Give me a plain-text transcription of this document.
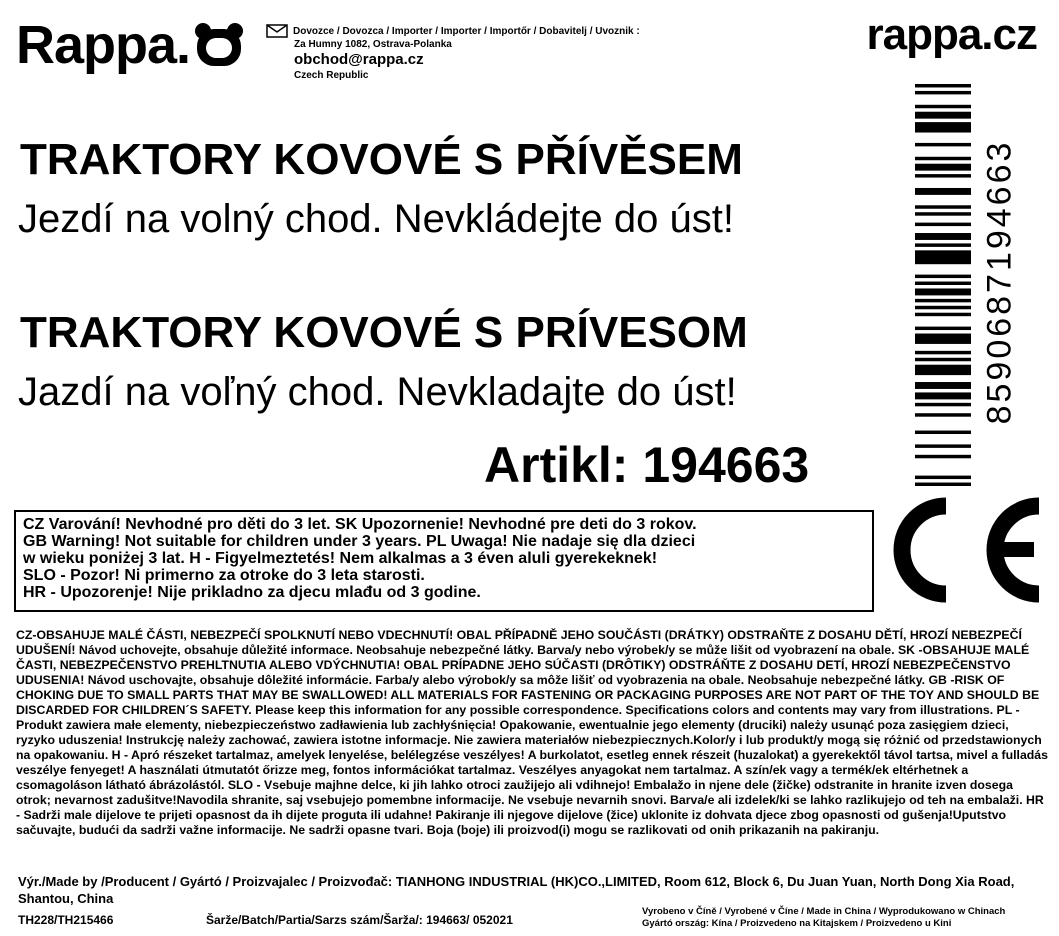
Rappa.	Dovozce / Dovozca / Importer / Importer / Importőr / Dobavitelj / Uvoznik :
Za Humny 1082, Ostrava-Polanka
obchod@rappa.cz
Czech Republic
rappa.cz
8590687194663
TRAKTORY KOVOVÉ S PŘÍVĚSEM
Jezdí na volný chod. Nevkládejte do úst!
TRAKTORY KOVOVÉ S PRÍVESOM
Jazdí na voľný chod. Nevkladajte do úst!
Artikl: 194663
CZ Varování! Nevhodné pro děti do 3 let. SK Upozornenie! Nevhodné pre deti do 3 rokov.
GB Warning! Not suitable for children under 3 years. PL Uwaga! Nie nadaje się dla dzieci
w wieku poniżej 3 lat. H - Figyelmeztetés! Nem alkalmas a 3 éven aluli gyerekeknek!
SLO - Pozor! Ni primerno za otroke do 3 leta starosti.
HR - Upozorenje! Nije prikladno za djecu mlađu od 3 godine.
CZ-OBSAHUJE MALÉ ČÁSTI, NEBEZPEČÍ SPOLKNUTÍ NEBO VDECHNUTÍ! OBAL PŘÍPADNĚ JEHO SOUČÁSTI (DRÁTKY) ODSTRAŇTE Z DOSAHU DĚTÍ, HROZÍ NEBEZPEČÍ UDUŠENÍ! Návod uchovejte, obsahuje důležité informace. Neobsahuje nebezpečné látky. Barva/y nebo výrobek/y se může lišit od vyobrazení na obale. SK -OBSAHUJE MALÉ ČASTI, NEBEZPEČENSTVO PREHLTNUTIA ALEBO VDÝCHNUTIA! OBAL PRÍPADNE JEHO SÚČASTI (DRÔTIKY) ODSTRÁŇTE Z DOSAHU DETÍ, HROZÍ NEBEZPEČENSTVO UDUSENIA! Návod uschovajte, obsahuje dôležité informácie. Farba/y alebo výrobok/y sa môže lišiť od vyobrazenia na obale. Neobsahuje nebezpečné látky. GB -RISK OF CHOKING DUE TO SMALL PARTS THAT MAY BE SWALLOWED! ALL MATERIALS FOR FASTENING OR PACKAGING PURPOSES ARE NOT PART OF THE TOY AND SHOULD BE DISCARDED FOR CHILDREN´S SAFETY. Please keep this information for any possible correspondence. Specifications colors and contents may vary from illustrations. PL - Produkt zawiera małe elementy, niebezpieczeństwo zadławienia lub zachłyśnięcia! Opakowanie, ewentualnie jego elementy (druciki) należy usunąć poza zasięgiem dzieci, ryzyko uduszenia! Instrukcję należy zachować, zawiera istotne informacje. Nie zawiera materiałów niebezpiecznych.Kolor/y i lub produkt/y mogą się różnić od przedstawionych na opakowaniu. H - Apró részeket tartalmaz, amelyek lenyelése, belélegzése veszélyes! A burkolatot, esetleg ennek részeit (huzalokat) a gyerekektől távol tartsa, mivel a fulladás veszélye fenyeget! A használati útmutatót őrizze meg, fontos információkat tartalmaz. Veszélyes anyagokat nem tartalmaz. A szín/ek vagy a termék/ek eltérhetnek a csomagoláson látható ábrázolástól. SLO - Vsebuje majhne delce, ki jih lahko otroci zaužijejo ali vdihnejo! Embalažo in njene dele (žičke) odstranite in hranite izven dosega otrok; nevarnost zadušitve!Navodila shranite, saj vsebujejo pomembne informacije. Ne vsebuje nevarnih snovi. Barva/e ali izdelek/ki se lahko razlikujejo od teh na embalaži. HR - Sadrži male dijelove te prijeti opasnost da ih dijete proguta ili udahne! Pakiranje ili njegove dijelove (žice) uklonite iz dohvata djece zbog opasnosti od gušenja!Uputstvo sačuvajte, budući da sadrži važne informacije. Ne sadrži opasne tvari. Boja (boje) ili proizvod(i) mogu se razlikovati od onih prikazanih na pakiranju.
Výr./Made by /Producent / Gyártó / Proizvajalec / Proizvođač: TIANHONG INDUSTRIAL (HK)CO.,LIMITED, Room 612, Block 6, Du Juan Yuan, North Dong Xia Road, Shantou, China
TH228/TH215466	Šarže/Batch/Partia/Sarzs szám/Šarža/: 194663/ 052021
Vyrobeno v Číně / Vyrobené v Číne / Made in China / Wyprodukowano w Chinach
Gyártó ország: Kína / Proizvedeno na Kitajskem / Proizvedeno u Kini
